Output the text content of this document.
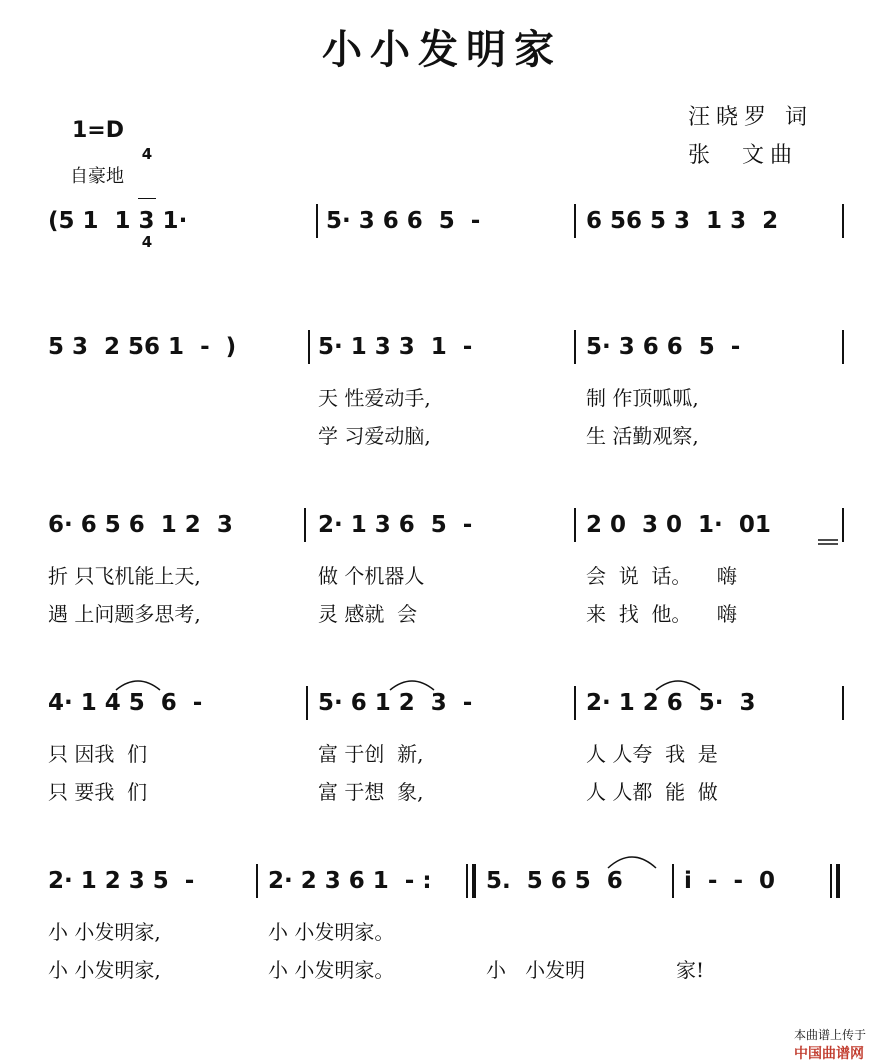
小小发明家
1=D

4

4

自豪地
汪晓罗 词
张  文曲
(5 1  1 3 1·	5· 3 6 6  5  -	6 56 5 3  1 3  2
5 3  2 56 1  -  )	5· 1 3 3  1  -	5· 3 6 6  5  -
天 性爱动手,	制 作顶呱呱,
学 习爱动脑,	生 活勤观察,
6· 6 5 6  1 2  3	2· 1 3 6  5  -	2 0  3 0  1·  01
折 只飞机能上天,	做 个机器人	会  说  话。    嗨
遇 上问题多思考,	灵 感就  会	来  找  他。    嗨
4· 1 4 5  6  -	5· 6 1 2  3  -	2· 1 2 6  5·  3
只 因我  们	富 于创  新,	人 人夸  我  是
只 要我  们	富 于想  象,	人 人都  能  做
2· 1 2 3 5  -	2· 2 3 6 1  - : 5.  5 6 5  6	i  -  -  0
小 小发明家,	小 小发明家。
小 小发明家,	小 小发明家。	小   小发明	家!

本曲谱上传于
中国曲谱网
